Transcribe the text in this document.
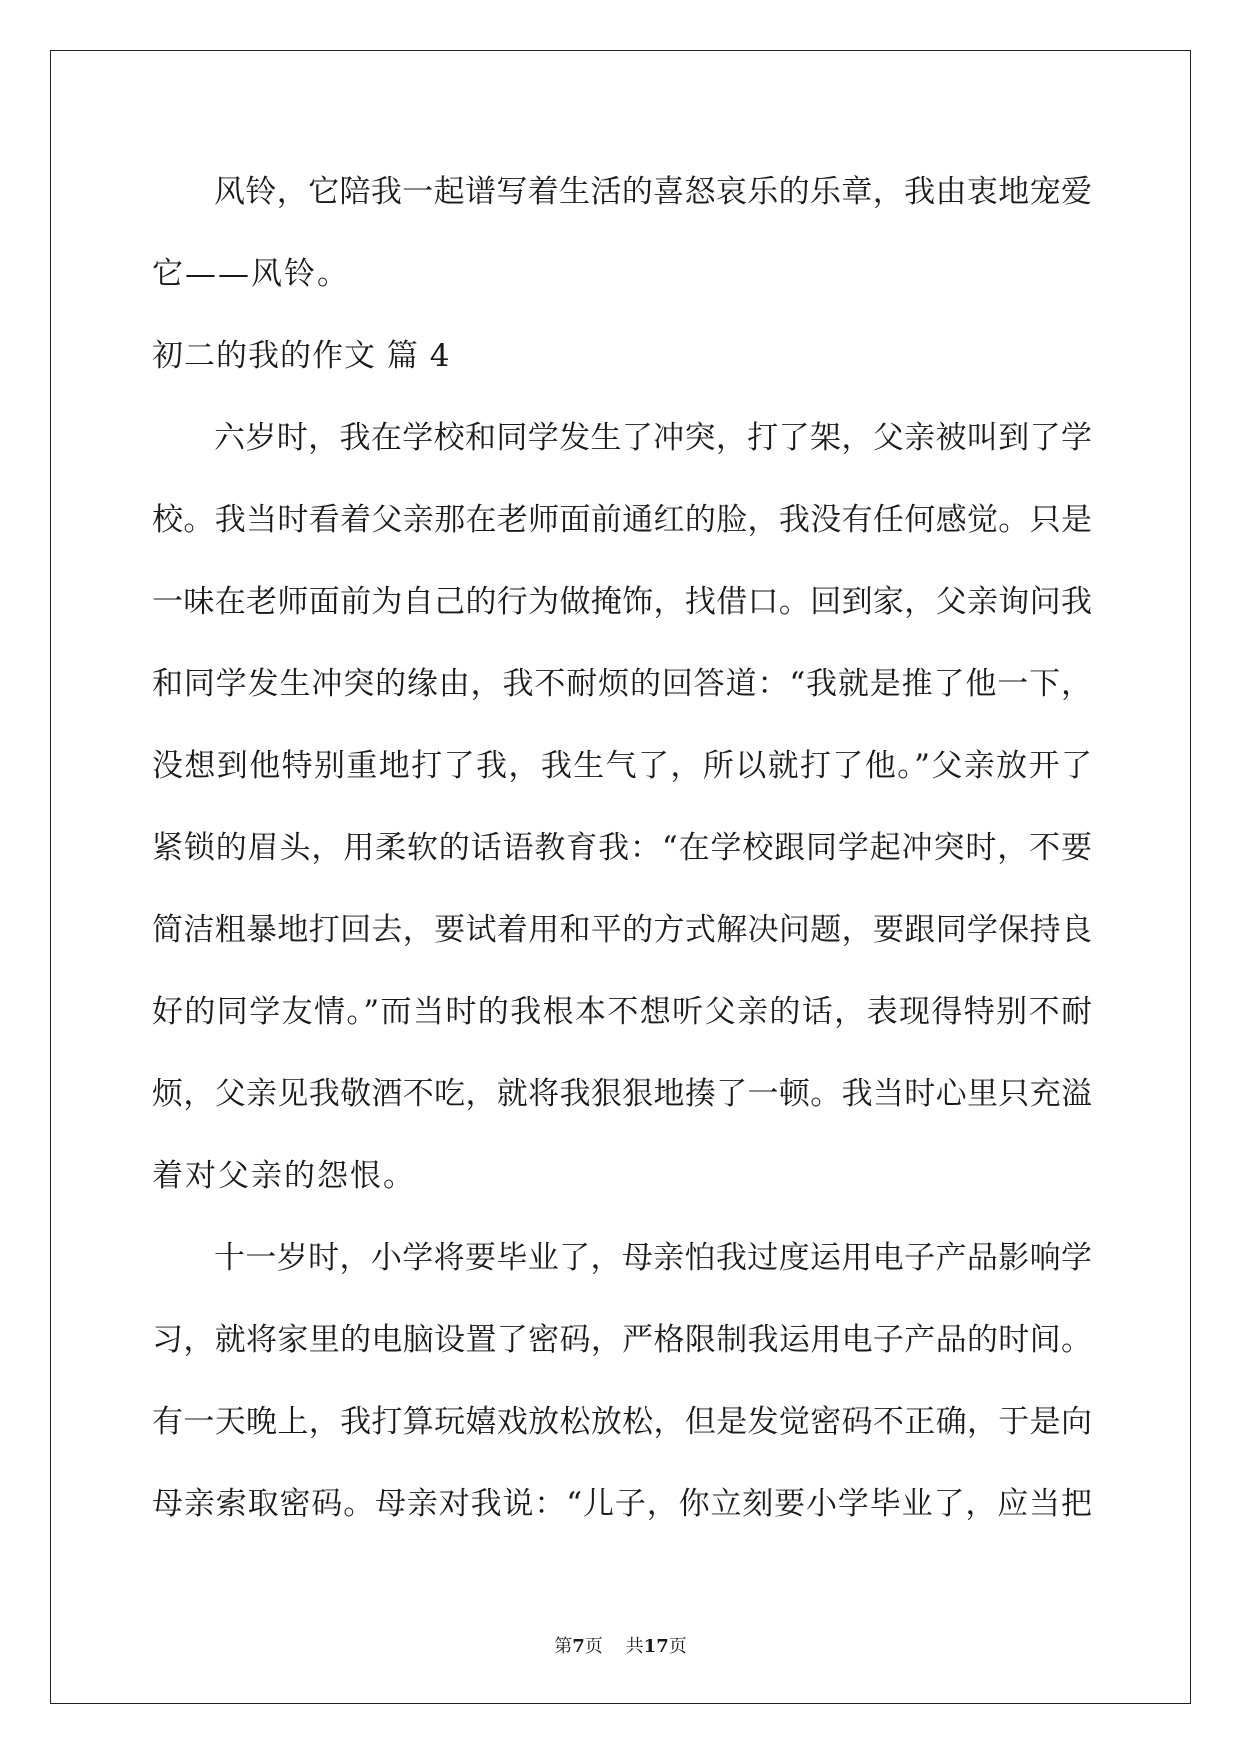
风铃，它陪我一起谱写着生活的喜怒哀乐的乐章，我由衷地宠爱
它——风铃。
初二的我的作文 篇 4
六岁时，我在学校和同学发生了冲突，打了架，父亲被叫到了学
校。我当时看着父亲那在老师面前通红的脸，我没有任何感觉。只是
一味在老师面前为自己的行为做掩饰，找借口。回到家，父亲询问我
和同学发生冲突的缘由，我不耐烦的回答道：“我就是推了他一下，
没想到他特别重地打了我，我生气了，所以就打了他。”父亲放开了
紧锁的眉头，用柔软的话语教育我：“在学校跟同学起冲突时，不要
简洁粗暴地打回去，要试着用和平的方式解决问题，要跟同学保持良
好的同学友情。”而当时的我根本不想听父亲的话，表现得特别不耐
烦，父亲见我敬酒不吃，就将我狠狠地揍了一顿。我当时心里只充溢
着对父亲的怨恨。
十一岁时，小学将要毕业了，母亲怕我过度运用电子产品影响学
习，就将家里的电脑设置了密码，严格限制我运用电子产品的时间。
有一天晚上，我打算玩嬉戏放松放松，但是发觉密码不正确，于是向
母亲索取密码。母亲对我说：“儿子，你立刻要小学毕业了，应当把
第7页    共17页
